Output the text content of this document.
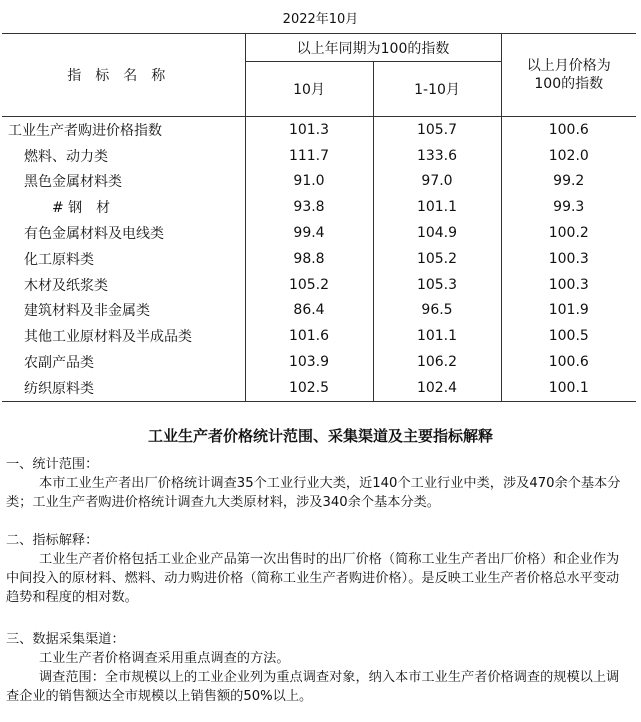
2022年10月
指标名称	以上年同期为100的指数		以上月价格为100的指数

	10月	1-10月	
工业生产者购进价格指数	101.3	105.7	100.6
燃料、动力类	111.7	133.6	102.0
黑色金属材料类	91.0	97.0	99.2
# 钢　材	93.8	101.1	99.3
有色金属材料及电线类	99.4	104.9	100.2
化工原料类	98.8	105.2	100.3
木材及纸浆类	105.2	105.3	100.3
建筑材料及非金属类	86.4	96.5	101.9
其他工业原材料及半成品类	101.6	101.1	100.5
农副产品类	103.9	106.2	100.6
纺织原料类	102.5	102.4	100.1
工业生产者价格统计范围、采集渠道及主要指标解释

一、统计范围：

本市工业生产者出厂价格统计调查35个工业行业大类，近140个工业行业中类，涉及470余个基本分类；工业生产者购进价格统计调查九大类原材料，涉及340余个基本分类。

二、指标解释：

工业生产者价格包括工业企业产品第一次出售时的出厂价格（简称工业生产者出厂价格）和企业作为中间投入的原材料、燃料、动力购进价格（简称工业生产者购进价格）。是反映工业生产者价格总水平变动趋势和程度的相对数。

三、数据采集渠道：

工业生产者价格调查采用重点调查的方法。

调查范围：全市规模以上的工业企业列为重点调查对象，纳入本市工业生产者价格调查的规模以上调查企业的销售额达全市规模以上销售额的50%以上。
